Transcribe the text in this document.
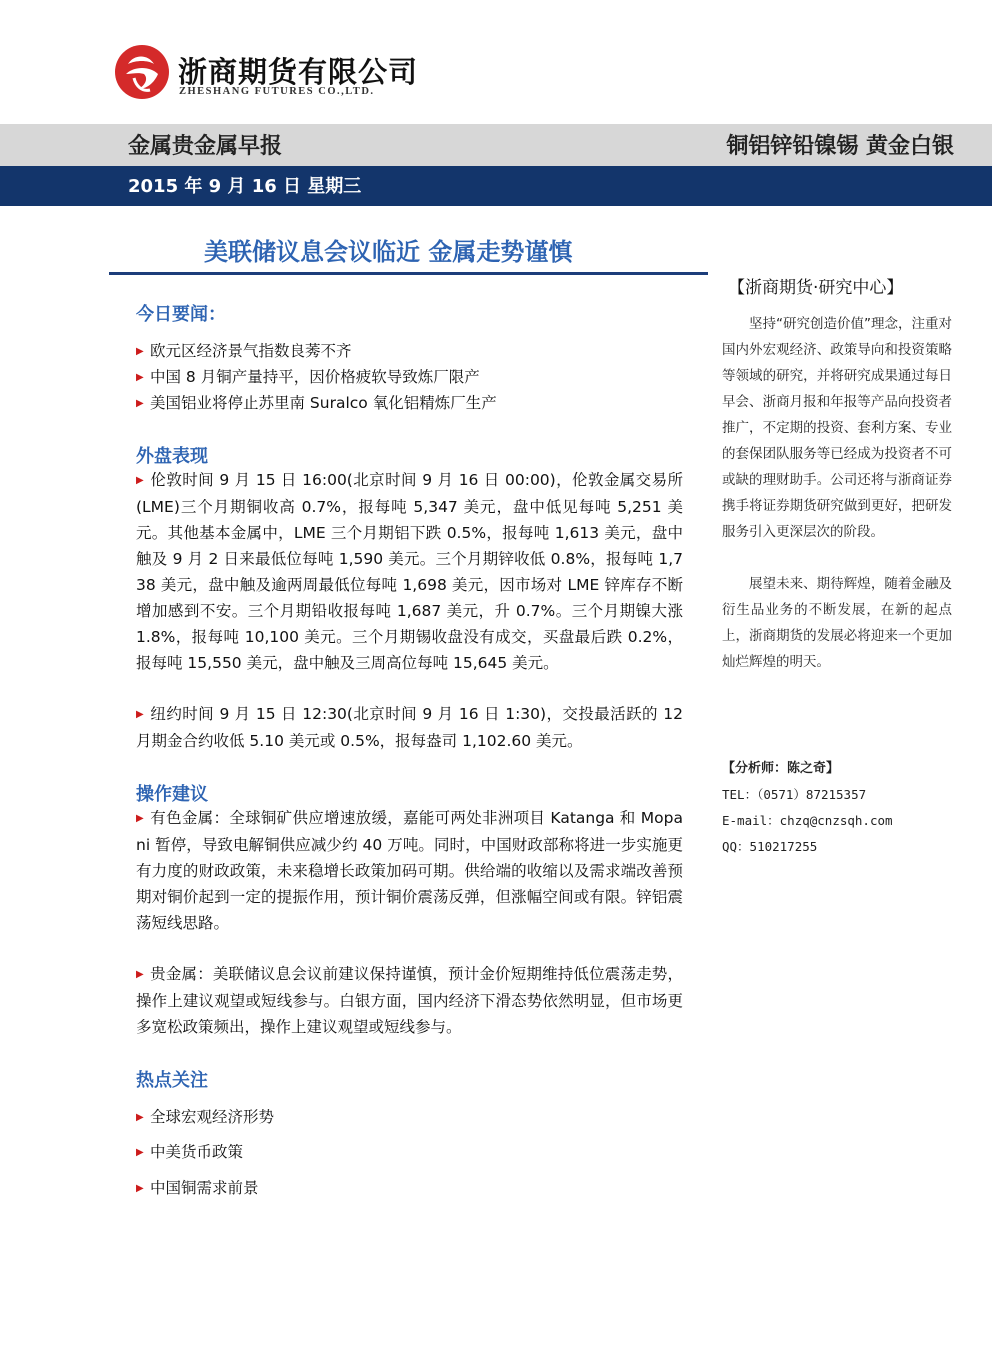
浙商期货有限公司
ZHESHANG FUTURES CO.,LTD.
金属贵金属早报	铜铝锌铅镍锡 黄金白银
2015 年 9 月 16 日 星期三
美联储议息会议临近 金属走势谨慎
今日要闻：
▶ 欧元区经济景气指数良莠不齐
▶ 中国 8 月铜产量持平，因价格疲软导致炼厂限产
▶ 美国铝业将停止苏里南 Suralco 氧化铝精炼厂生产
外盘表现
▶ 伦敦时间 9 月 15 日 16:00(北京时间 9 月 16 日 00:00)，伦敦金属交易所(LME)三个月期铜收高 0.7%，报每吨 5,347 美元，盘中低见每吨 5,251 美元。其他基本金属中，LME 三个月期铝下跌 0.5%，报每吨 1,613 美元，盘中触及 9 月 2 日来最低位每吨 1,590 美元。三个月期锌收低 0.8%，报每吨 1,738 美元，盘中触及逾两周最低位每吨 1,698 美元，因市场对 LME 锌库存不断增加感到不安。三个月期铅收报每吨 1,687 美元，升 0.7%。三个月期镍大涨 1.8%，报每吨 10,100 美元。三个月期锡收盘没有成交，买盘最后跌 0.2%，报每吨 15,550 美元，盘中触及三周高位每吨 15,645 美元。
▶ 纽约时间 9 月 15 日 12:30(北京时间 9 月 16 日 1:30)，交投最活跃的 12 月期金合约收低 5.10 美元或 0.5%，报每盎司 1,102.60 美元。
操作建议
▶ 有色金属：全球铜矿供应增速放缓，嘉能可两处非洲项目 Katanga 和 Mopani 暂停，导致电解铜供应减少约 40 万吨。同时，中国财政部称将进一步实施更有力度的财政政策，未来稳增长政策加码可期。供给端的收缩以及需求端改善预期对铜价起到一定的提振作用，预计铜价震荡反弹，但涨幅空间或有限。锌铝震荡短线思路。
▶ 贵金属：美联储议息会议前建议保持谨慎，预计金价短期维持低位震荡走势，操作上建议观望或短线参与。白银方面，国内经济下滑态势依然明显，但市场更多宽松政策频出，操作上建议观望或短线参与。
热点关注
▶ 全球宏观经济形势
▶ 中美货币政策
▶ 中国铜需求前景
【浙商期货·研究中心】
坚持“研究创造价值”理念，注重对国内外宏观经济、政策导向和投资策略等领域的研究，并将研究成果通过每日早会、浙商月报和年报等产品向投资者推广，不定期的投资、套利方案、专业的套保团队服务等已经成为投资者不可或缺的理财助手。公司还将与浙商证券携手将证券期货研究做到更好，把研发服务引入更深层次的阶段。
展望未来、期待辉煌，随着金融及衍生品业务的不断发展，在新的起点上，浙商期货的发展必将迎来一个更加灿烂辉煌的明天。
【分析师：陈之奇】
TEL：（0571）87215357
E-mail：chzq@cnzsqh.com
QQ：510217255
